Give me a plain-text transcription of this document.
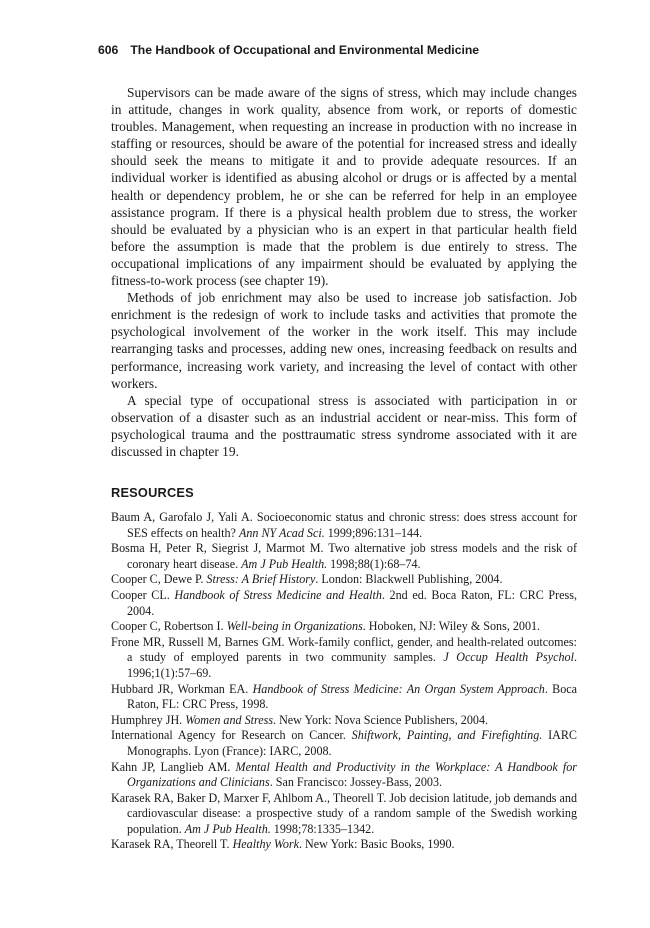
606 The Handbook of Occupational and Environmental Medicine

Supervisors can be made aware of the signs of stress, which may include changes in attitude, changes in work quality, absence from work, or reports of domestic troubles. Management, when requesting an increase in production with no increase in staffing or resources, should be aware of the potential for increased stress and ideally should seek the means to mitigate it and to provide adequate resources. If an individual worker is identified as abusing alcohol or drugs or is affected by a mental health or dependency problem, he or she can be referred for help in an employee assistance program. If there is a physical health problem due to stress, the worker should be evaluated by a physician who is an expert in that particular health field before the assumption is made that the problem is due entirely to stress. The occupational implications of any impairment should be evaluated by applying the fitness-to-work process (see chapter 19).

Methods of job enrichment may also be used to increase job satisfaction. Job enrichment is the redesign of work to include tasks and activities that promote the psychological involvement of the worker in the work itself. This may include rearranging tasks and processes, adding new ones, increasing feedback on results and performance, increasing work variety, and increasing the level of contact with other workers.

A special type of occupational stress is associated with participation in or observation of a disaster such as an industrial accident or near-miss. This form of psychological trauma and the posttraumatic stress syndrome associated with it are discussed in chapter 19.

RESOURCES

Baum A, Garofalo J, Yali A. Socioeconomic status and chronic stress: does stress account for SES effects on health? Ann NY Acad Sci. 1999;896:131–144.

Bosma H, Peter R, Siegrist J, Marmot M. Two alternative job stress models and the risk of coronary heart disease. Am J Pub Health. 1998;88(1):68–74.

Cooper C, Dewe P. Stress: A Brief History. London: Blackwell Publishing, 2004.

Cooper CL. Handbook of Stress Medicine and Health. 2nd ed. Boca Raton, FL: CRC Press, 2004.

Cooper C, Robertson I. Well-being in Organizations. Hoboken, NJ: Wiley & Sons, 2001.

Frone MR, Russell M, Barnes GM. Work-family conflict, gender, and health-related outcomes: a study of employed parents in two community samples. J Occup Health Psychol. 1996;1(1):57–69.

Hubbard JR, Workman EA. Handbook of Stress Medicine: An Organ System Approach. Boca Raton, FL: CRC Press, 1998.

Humphrey JH. Women and Stress. New York: Nova Science Publishers, 2004.

International Agency for Research on Cancer. Shiftwork, Painting, and Firefighting. IARC Monographs. Lyon (France): IARC, 2008.

Kahn JP, Langlieb AM. Mental Health and Productivity in the Workplace: A Handbook for Organizations and Clinicians. San Francisco: Jossey-Bass, 2003.

Karasek RA, Baker D, Marxer F, Ahlbom A., Theorell T. Job decision latitude, job demands and cardiovascular disease: a prospective study of a random sample of the Swedish working population. Am J Pub Health. 1998;78:1335–1342.

Karasek RA, Theorell T. Healthy Work. New York: Basic Books, 1990.
